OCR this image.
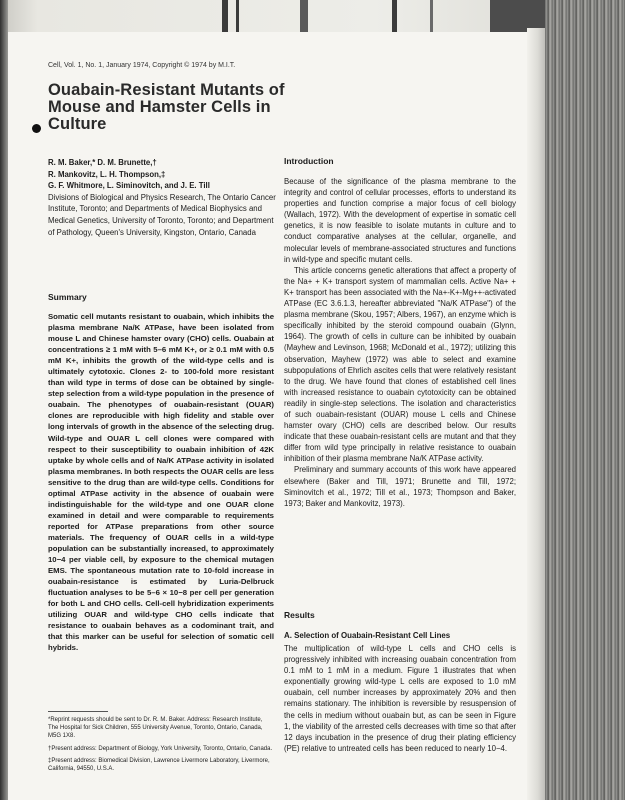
Cell, Vol. 1, No. 1, January 1974, Copyright © 1974 by M.I.T.
Ouabain-Resistant Mutants of Mouse and Hamster Cells in Culture
R. M. Baker,* D. M. Brunette,†
R. Mankovitz, L. H. Thompson,‡
G. F. Whitmore, L. Siminovitch, and J. E. Till
Divisions of Biological and Physics Research, The Ontario Cancer Institute, Toronto; and Departments of Medical Biophysics and Medical Genetics, University of Toronto, Toronto; and Department of Pathology, Queen's University, Kingston, Ontario, Canada
Summary

Somatic cell mutants resistant to ouabain, which inhibits the plasma membrane Na/K ATPase, have been isolated from mouse L and Chinese hamster ovary (CHO) cells. Ouabain at concentrations ≥ 1 mM with 5–6 mM K+, or ≥ 0.1 mM with 0.5 mM K+, inhibits the growth of the wild-type cells and is ultimately cytotoxic. Clones 2- to 100-fold more resistant than wild type in terms of dose can be obtained by single-step selection from a wild-type population in the presence of ouabain. The phenotypes of ouabain-resistant (OUAR) clones are reproducible with high fidelity and stable over long intervals of growth in the absence of the selecting drug. Wild-type and OUAR L cell clones were compared with respect to their susceptibility to ouabain inhibition of 42K uptake by whole cells and of Na/K ATPase activity in isolated plasma membranes. In both respects the OUAR cells are less sensitive to the drug than are wild-type cells. Conditions for optimal ATPase activity in the absence of ouabain were indistinguishable for the wild-type and one OUAR clone examined in detail and were comparable to requirements reported for ATPase preparations from other source materials. The frequency of OUAR cells in a wild-type population can be substantially increased, to approximately 10−4 per viable cell, by exposure to the chemical mutagen EMS. The spontaneous mutation rate to 10-fold increase in ouabain-resistance is estimated by Luria-Delbruck fluctuation analyses to be 5–6 × 10−8 per cell per generation for both L and CHO cells. Cell-cell hybridization experiments utilizing OUAR and wild-type CHO cells indicate that resistance to ouabain behaves as a codominant trait, and that this marker can be useful for selection of somatic cell hybrids.

*Reprint requests should be sent to Dr. R. M. Baker. Address: Research Institute, The Hospital for Sick Children, 555 University Avenue, Toronto, Ontario, Canada, M5G 1X8.

†Present address: Department of Biology, York University, Toronto, Ontario, Canada.

‡Present address: Biomedical Division, Lawrence Livermore Laboratory, Livermore, California, 94550, U.S.A.

Introduction

Because of the significance of the plasma membrane to the integrity and control of cellular processes, efforts to understand its properties and function comprise a major focus of cell biology (Wallach, 1972). With the development of expertise in somatic cell genetics, it is now feasible to isolate mutants in culture and to conduct comparative analyses at the cellular, organelle, and molecular levels of membrane-associated structures and functions in wild-type and specific mutant cells.

This article concerns genetic alterations that affect a property of the Na+ + K+ transport system of mammalian cells. Active Na+ + K+ transport has been associated with the Na+-K+-Mg++-activated ATPase (EC 3.6.1.3, hereafter abbreviated "Na/K ATPase") of the plasma membrane (Skou, 1957; Albers, 1967), an enzyme which is specifically inhibited by the steroid compound ouabain (Glynn, 1964). The growth of cells in culture can be inhibited by ouabain (Mayhew and Levinson, 1968; McDonald et al., 1972); utilizing this observation, Mayhew (1972) was able to select and examine subpopulations of Ehrlich ascites cells that were relatively resistant to the drug. We have found that clones of established cell lines with increased resistance to ouabain cytotoxicity can be obtained readily in single-step selections. The isolation and characteristics of such ouabain-resistant (OUAR) mouse L cells and Chinese hamster ovary (CHO) cells are described below. Our results indicate that these ouabain-resistant cells are mutant and that they differ from wild type principally in relative resistance to ouabain inhibition of their plasma membrane Na/K ATPase activity.

Preliminary and summary accounts of this work have appeared elsewhere (Baker and Till, 1971; Brunette and Till, 1972; Siminovitch et al., 1972; Till et al., 1973; Thompson and Baker, 1973; Baker and Mankovitz, 1973).

Results
A. Selection of Ouabain-Resistant Cell Lines

The multiplication of wild-type L cells and CHO cells is progressively inhibited with increasing ouabain concentration from 0.1 mM to 1 mM in a medium. Figure 1 illustrates that when exponentially growing wild-type L cells are exposed to 1.0 mM ouabain, cell number increases by approximately 20% and then remains stationary. The inhibition is reversible by resuspension of the cells in medium without ouabain but, as can be seen in Figure 1, the viability of the arrested cells decreases with time so that after 12 days incubation in the presence of drug their plating efficiency (PE) relative to untreated cells has been reduced to nearly 10−4.
